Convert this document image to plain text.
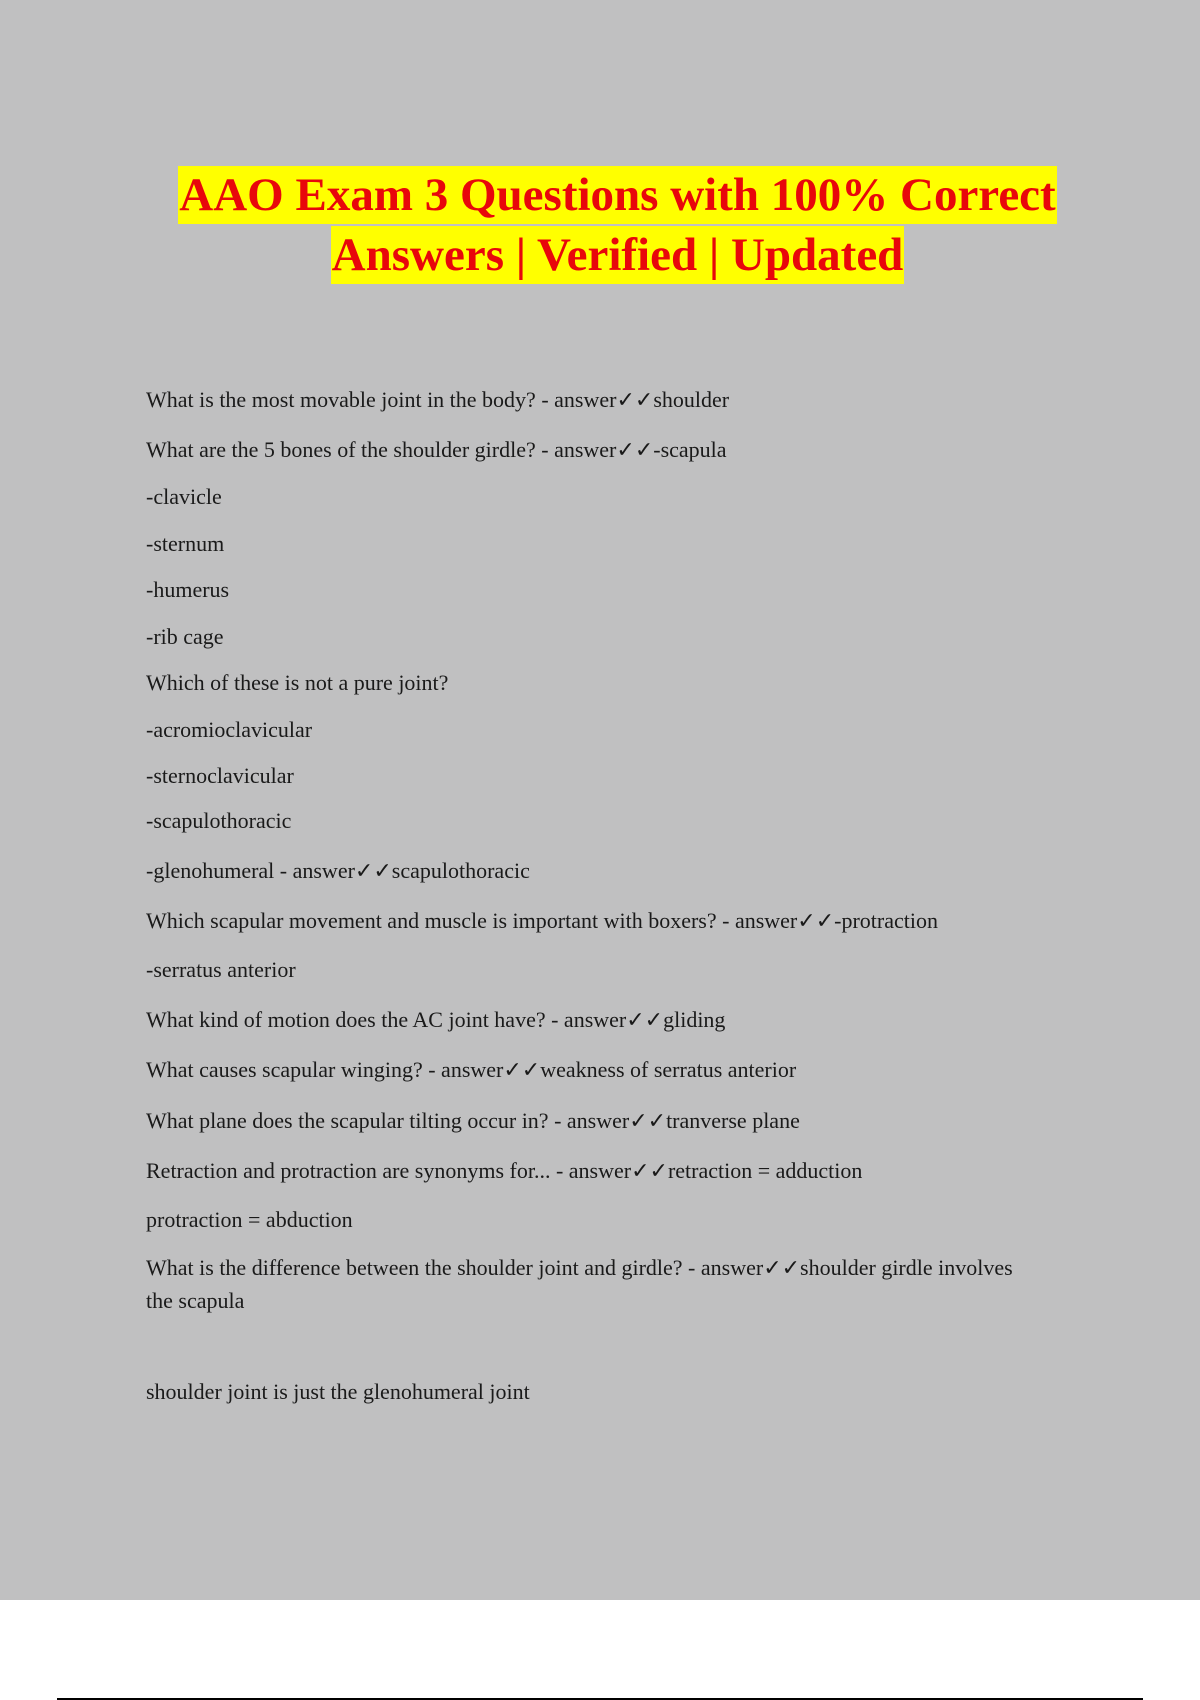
AAO Exam 3 Questions with 100% Correct
Answers | Verified | Updated
What is the most movable joint in the body? - answer✓✓shoulder
What are the 5 bones of the shoulder girdle? - answer✓✓-scapula
-clavicle
-sternum
-humerus
-rib cage
Which of these is not a pure joint?
-acromioclavicular
-sternoclavicular
-scapulothoracic
-glenohumeral - answer✓✓scapulothoracic
Which scapular movement and muscle is important with boxers? - answer✓✓-protraction
-serratus anterior
What kind of motion does the AC joint have? - answer✓✓gliding
What causes scapular winging? - answer✓✓weakness of serratus anterior
What plane does the scapular tilting occur in? - answer✓✓tranverse plane
Retraction and protraction are synonyms for... - answer✓✓retraction = adduction
protraction = abduction
What is the difference between the shoulder joint and girdle? - answer✓✓shoulder girdle involves the scapula
shoulder joint is just the glenohumeral joint
